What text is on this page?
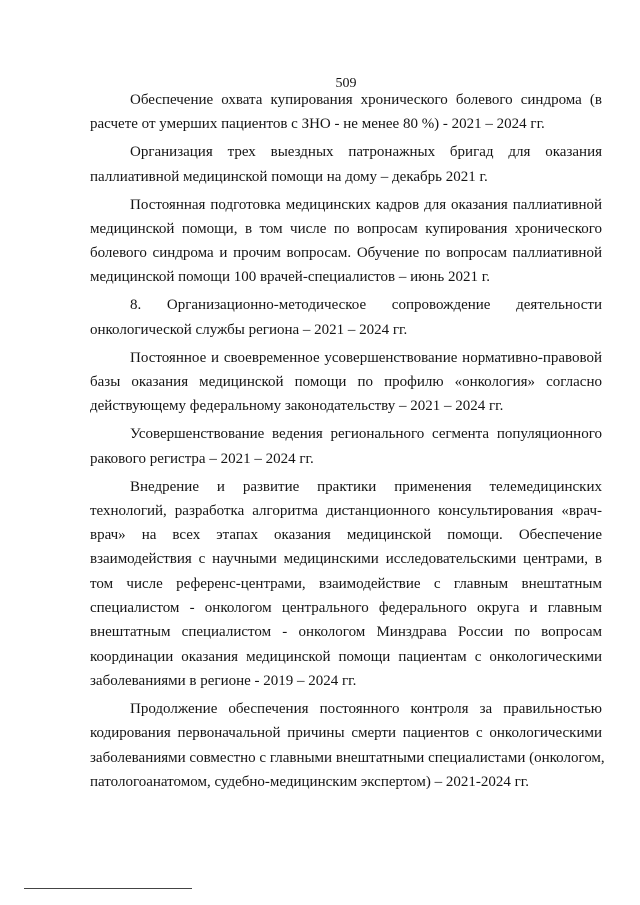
509
Обеспечение охвата купирования хронического болевого синдрома (в
расчете от умерших пациентов с ЗНО - не менее 80 %) - 2021 – 2024 гг.
Организация трех выездных патронажных бригад для оказания
паллиативной медицинской помощи на дому – декабрь 2021 г.
Постоянная подготовка медицинских кадров для оказания паллиативной
медицинской помощи, в том числе по вопросам купирования хронического
болевого синдрома и прочим вопросам. Обучение по вопросам паллиативной
медицинской помощи 100 врачей-специалистов – июнь 2021 г.
8. Организационно-методическое сопровождение деятельности
онкологической службы региона – 2021 – 2024 гг.
Постоянное и своевременное усовершенствование нормативно-правовой
базы оказания медицинской помощи по профилю «онкология» согласно
действующему федеральному законодательству – 2021 – 2024 гг.
Усовершенствование ведения регионального сегмента популяционного
ракового регистра – 2021 – 2024 гг.
Внедрение и развитие практики применения телемедицинских
технологий, разработка алгоритма дистанционного консультирования «врач-
врач» на всех этапах оказания медицинской помощи. Обеспечение
взаимодействия с научными медицинскими исследовательскими центрами, в
том числе референс-центрами, взаимодействие с главным внештатным
специалистом - онкологом центрального федерального округа и главным
внештатным специалистом - онкологом Минздрава России по вопросам
координации оказания медицинской помощи пациентам с онкологическими
заболеваниями в регионе - 2019 – 2024 гг.
Продолжение обеспечения постоянного контроля за правильностью
кодирования первоначальной причины смерти пациентов с онкологическими
заболеваниями совместно с главными внештатными специалистами (онкологом,
патологоанатомом, судебно-медицинским экспертом) – 2021-2024 гг.
